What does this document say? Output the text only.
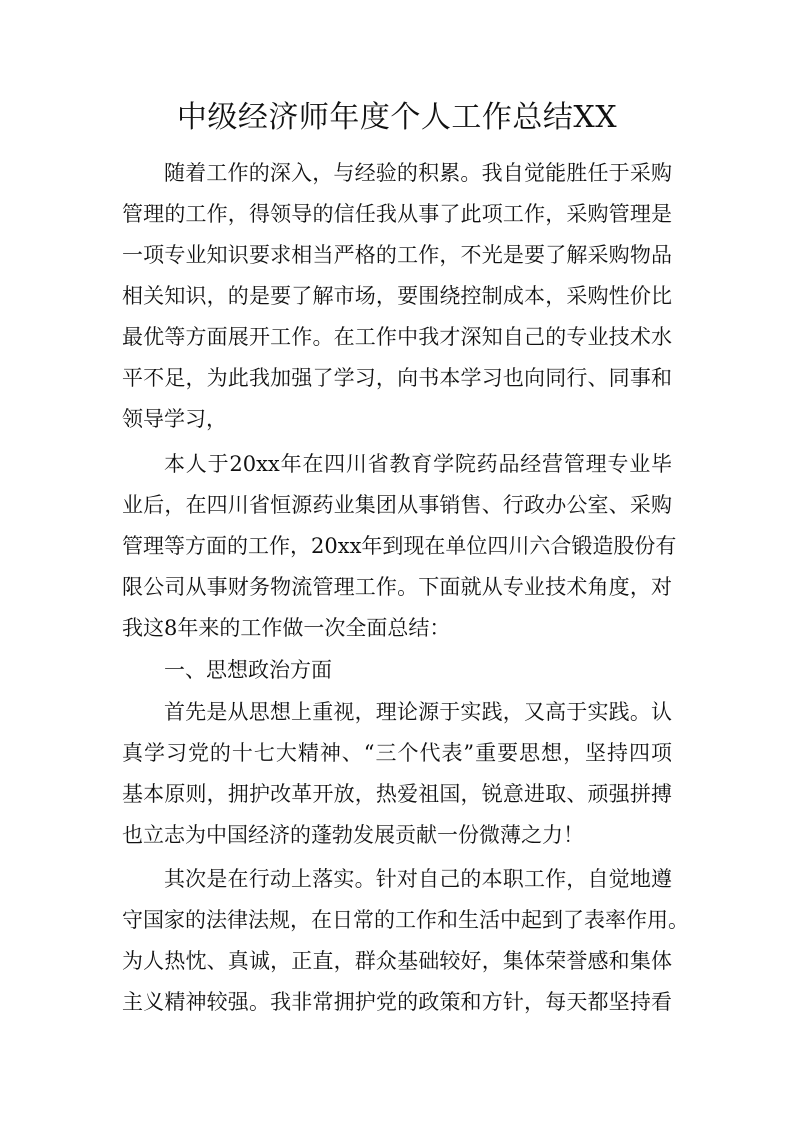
中级经济师年度个人工作总结XX
随着工作的深入，与经验的积累。我自觉能胜任于采购
管理的工作，得领导的信任我从事了此项工作，采购管理是
一项专业知识要求相当严格的工作，不光是要了解采购物品
相关知识，的是要了解市场，要围绕控制成本，采购性价比
最优等方面展开工作。在工作中我才深知自己的专业技术水
平不足，为此我加强了学习，向书本学习也向同行、同事和
领导学习，
本人于20xx年在四川省教育学院药品经营管理专业毕
业后，在四川省恒源药业集团从事销售、行政办公室、采购
管理等方面的工作，20xx年到现在单位四川六合锻造股份有
限公司从事财务物流管理工作。下面就从专业技术角度，对
我这8年来的工作做一次全面总结：
一、思想政治方面
首先是从思想上重视，理论源于实践，又高于实践。认
真学习党的十七大精神、“三个代表”重要思想，坚持四项
基本原则，拥护改革开放，热爱祖国，锐意进取、顽强拼搏
也立志为中国经济的蓬勃发展贡献一份微薄之力！
其次是在行动上落实。针对自己的本职工作，自觉地遵
守国家的法律法规，在日常的工作和生活中起到了表率作用。
为人热忱、真诚，正直，群众基础较好，集体荣誉感和集体
主义精神较强。我非常拥护党的政策和方针，每天都坚持看
